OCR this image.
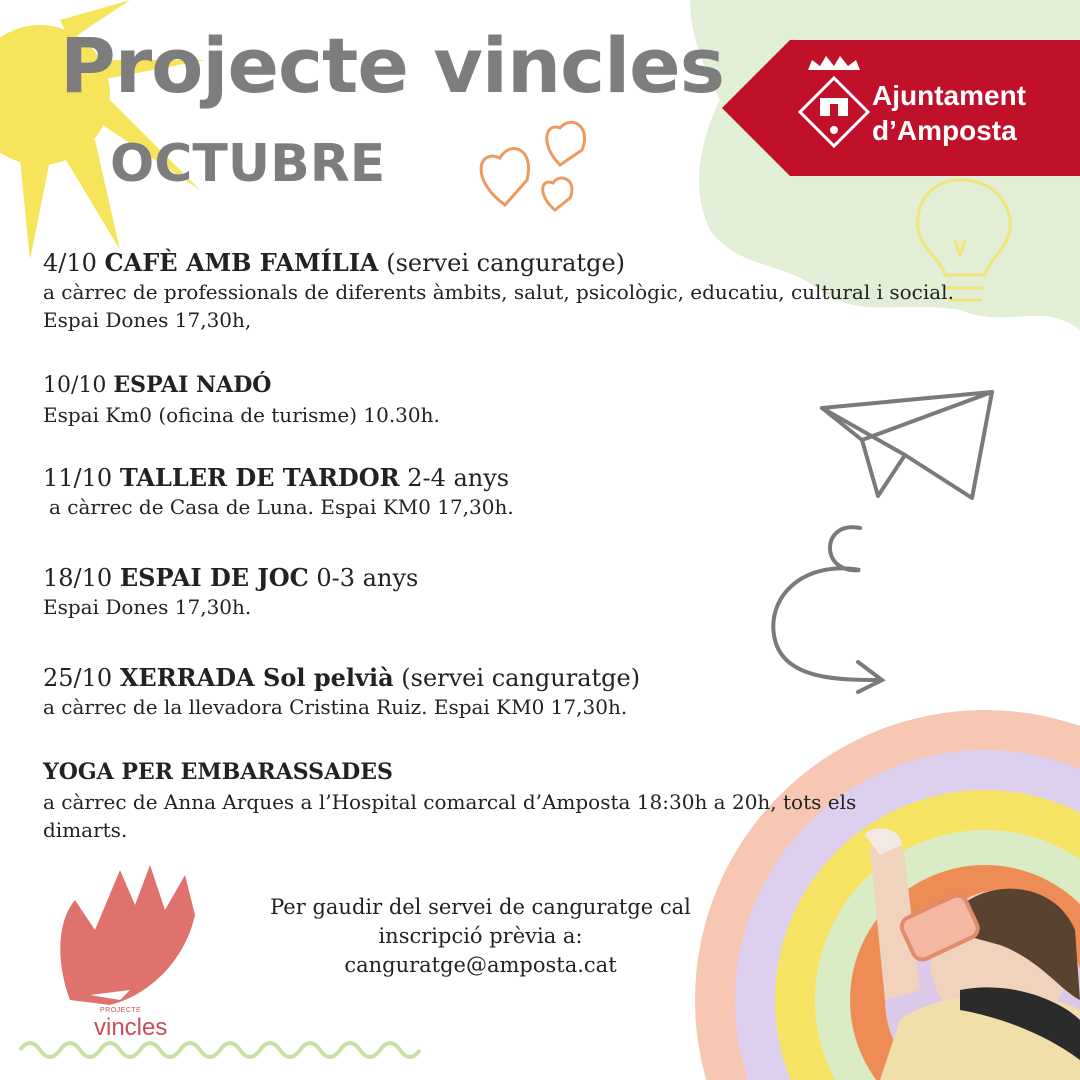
Projecte vincles
OCTUBRE
Ajuntament
d’Amposta
4/10 CAFÈ AMB FAMÍLIA (servei canguratge)
a càrrec de professionals de diferents àmbits, salut, psicològic, educatiu, cultural i social. Espai Dones 17,30h,
10/10 ESPAI NADÓ
Espai Km0 (oficina de turisme) 10.30h.
11/10 TALLER DE TARDOR 2-4 anys
a càrrec de Casa de Luna. Espai KM0 17,30h.
18/10 ESPAI DE JOC 0-3 anys
Espai Dones 17,30h.
25/10 XERRADA Sol pelvià (servei canguratge)
a càrrec de la llevadora Cristina Ruiz. Espai KM0 17,30h.
YOGA PER EMBARASSADES
a càrrec de Anna Arques a l’Hospital comarcal d’Amposta 18:30h a 20h, tots els dimarts.
Per gaudir del servei de canguratge cal inscripció prèvia a: canguratge@amposta.cat
PROJECTE
vincles
